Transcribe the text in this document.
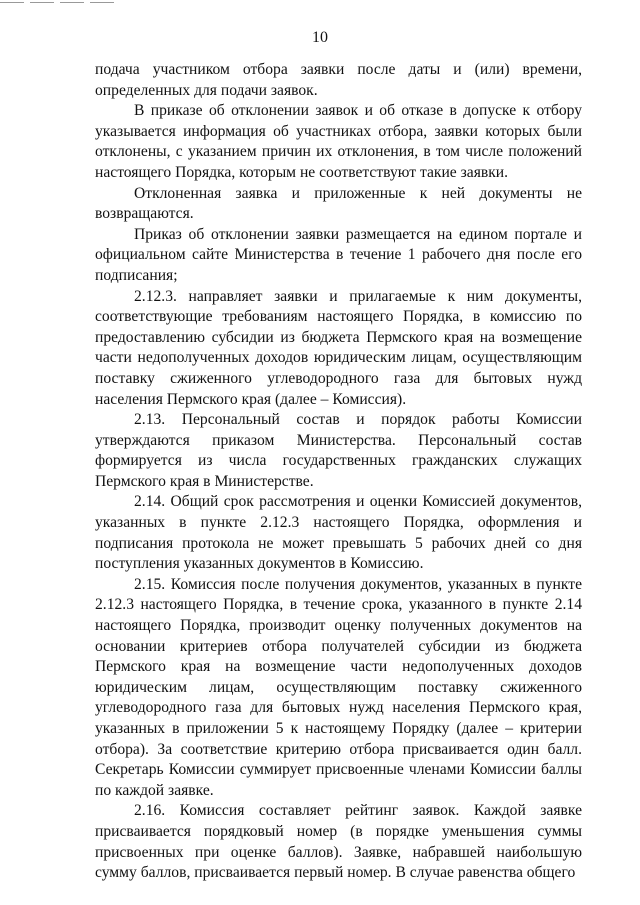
10

подача участником отбора заявки после даты и (или) времени, определенных для подачи заявок.

В приказе об отклонении заявок и об отказе в допуске к отбору указывается информация об участниках отбора, заявки которых были отклонены, с указанием причин их отклонения, в том числе положений настоящего Порядка, которым не соответствуют такие заявки.

Отклоненная заявка и приложенные к ней документы не возвращаются.

Приказ об отклонении заявки размещается на едином портале и официальном сайте Министерства в течение 1 рабочего дня после его подписания;

2.12.3. направляет заявки и прилагаемые к ним документы, соответствующие требованиям настоящего Порядка, в комиссию по предоставлению субсидии из бюджета Пермского края на возмещение части недополученных доходов юридическим лицам, осуществляющим поставку сжиженного углеводородного газа для бытовых нужд населения Пермского края (далее – Комиссия).

2.13. Персональный состав и порядок работы Комиссии утверждаются приказом Министерства. Персональный состав формируется из числа государственных гражданских служащих Пермского края в Министерстве.

2.14. Общий срок рассмотрения и оценки Комиссией документов, указанных в пункте 2.12.3 настоящего Порядка, оформления и подписания протокола не может превышать 5 рабочих дней со дня поступления указанных документов в Комиссию.

2.15. Комиссия после получения документов, указанных в пункте 2.12.3 настоящего Порядка, в течение срока, указанного в пункте 2.14 настоящего Порядка, производит оценку полученных документов на основании критериев отбора получателей субсидии из бюджета Пермского края на возмещение части недополученных доходов юридическим лицам, осуществляющим поставку сжиженного углеводородного газа для бытовых нужд населения Пермского края, указанных в приложении 5 к настоящему Порядку (далее – критерии отбора). За соответствие критерию отбора присваивается один балл. Секретарь Комиссии суммирует присвоенные членами Комиссии баллы по каждой заявке.

2.16. Комиссия составляет рейтинг заявок. Каждой заявке присваивается порядковый номер (в порядке уменьшения суммы присвоенных при оценке баллов). Заявке, набравшей наибольшую сумму баллов, присваивается первый номер. В случае равенства общего
